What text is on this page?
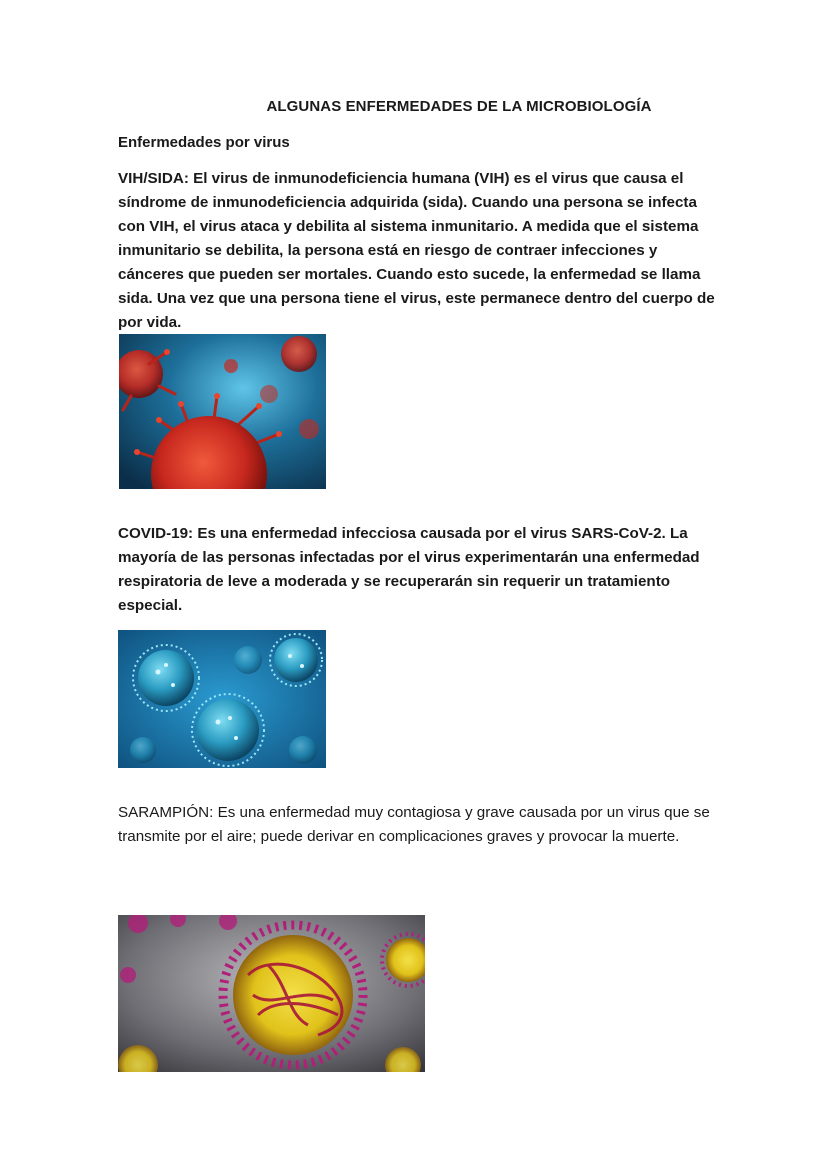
ALGUNAS ENFERMEDADES DE LA MICROBIOLOGÍA
Enfermedades por virus
VIH/SIDA: El virus de inmunodeficiencia humana (VIH) es el virus que causa el síndrome de inmunodeficiencia adquirida (sida). Cuando una persona se infecta con VIH, el virus ataca y debilita al sistema inmunitario. A medida que el sistema inmunitario se debilita, la persona está en riesgo de contraer infecciones y cánceres que pueden ser mortales. Cuando esto sucede, la enfermedad se llama sida. Una vez que una persona tiene el virus, este permanece dentro del cuerpo de por vida.
COVID-19: Es una enfermedad infecciosa causada por el virus SARS-CoV-2. La mayoría de las personas infectadas por el virus experimentarán una enfermedad respiratoria de leve a moderada y se recuperarán sin requerir un tratamiento especial.
SARAMPIÓN: Es una enfermedad muy contagiosa y grave causada por un virus que se transmite por el aire; puede derivar en complicaciones graves y provocar la muerte.
